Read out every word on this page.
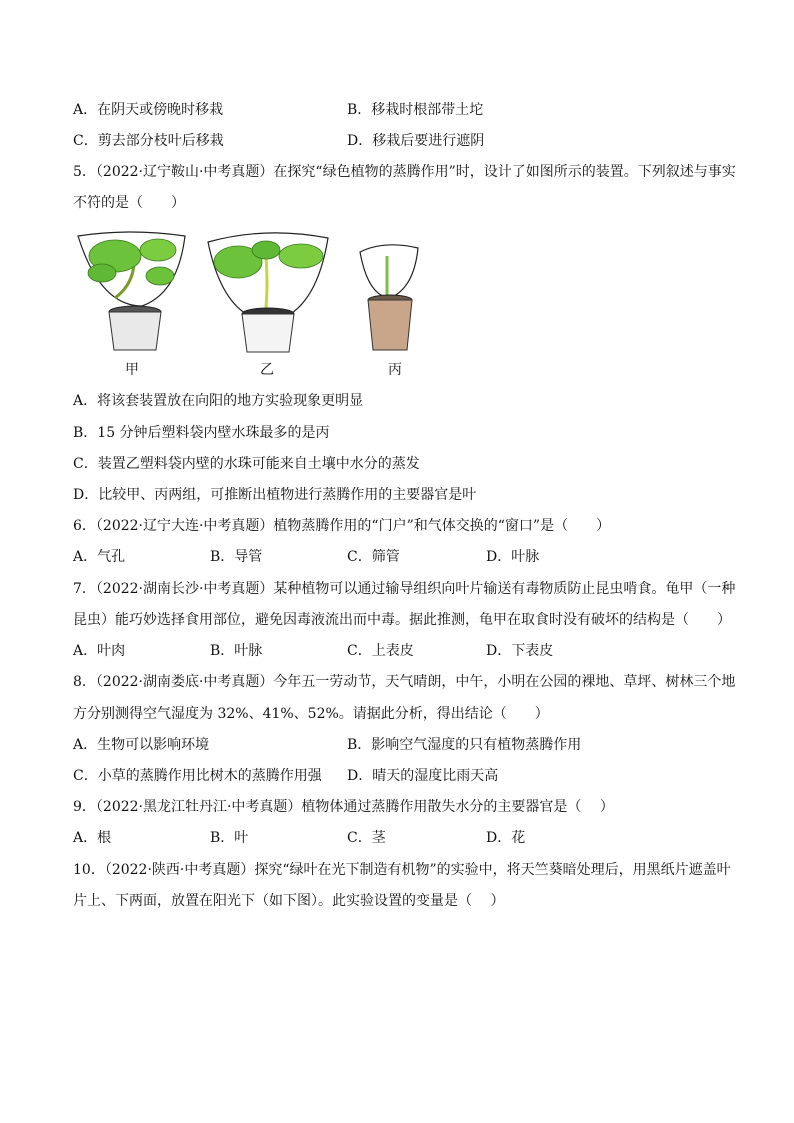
A．在阴天或傍晚时移栽	B．移栽时根部带土坨
C．剪去部分枝叶后移栽	D．移栽后要进行遮阴
5．（2022·辽宁鞍山·中考真题）在探究“绿色植物的蒸腾作用”时，设计了如图所示的装置。下列叙述与事实
不符的是（　　）
甲	乙	丙
A．将该套装置放在向阳的地方实验现象更明显
B．15 分钟后塑料袋内壁水珠最多的是丙
C．装置乙塑料袋内壁的水珠可能来自土壤中水分的蒸发
D．比较甲、丙两组，可推断出植物进行蒸腾作用的主要器官是叶
6．（2022·辽宁大连·中考真题）植物蒸腾作用的“门户”和气体交换的“窗口”是（　　）
A．气孔	B．导管	C．筛管	D．叶脉
7．（2022·湖南长沙·中考真题）某种植物可以通过输导组织向叶片输送有毒物质防止昆虫啃食。龟甲（一种
昆虫）能巧妙选择食用部位，避免因毒液流出而中毒。据此推测，龟甲在取食时没有破坏的结构是（　　）
A．叶肉	B．叶脉	C．上表皮	D．下表皮
8．（2022·湖南娄底·中考真题）今年五一劳动节，天气晴朗，中午，小明在公园的裸地、草坪、树林三个地
方分别测得空气湿度为 32%、41%、52%。请据此分析，得出结论（　　）
A．生物可以影响环境	B．影响空气湿度的只有植物蒸腾作用
C．小草的蒸腾作用比树木的蒸腾作用强 D．晴天的湿度比雨天高
9．（2022·黑龙江牡丹江·中考真题）植物体通过蒸腾作用散失水分的主要器官是（　 ）
A．根	B．叶	C．茎	D．花
10．（2022·陕西·中考真题）探究“绿叶在光下制造有机物”的实验中，将天竺葵暗处理后，用黑纸片遮盖叶
片上、下两面，放置在阳光下（如下图）。此实验设置的变量是（　 ）
